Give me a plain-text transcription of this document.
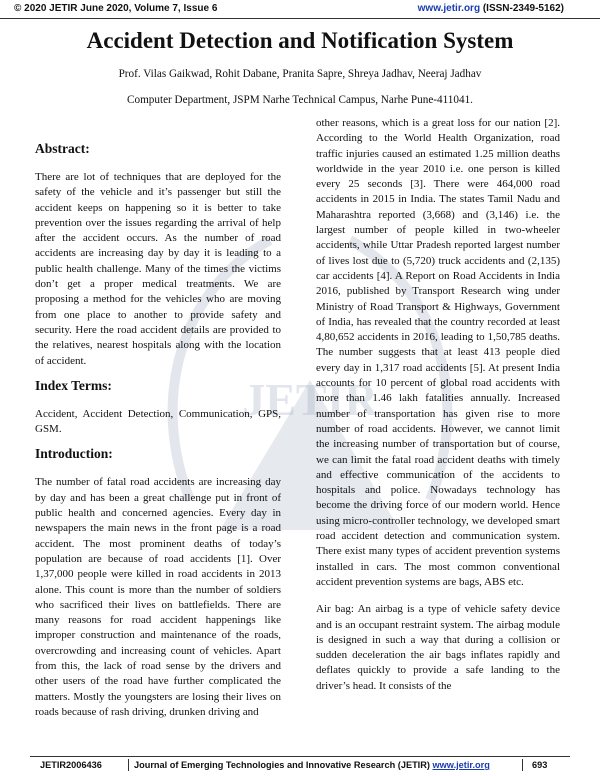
© 2020 JETIR June 2020, Volume 7, Issue 6	www.jetir.org (ISSN-2349-5162)
JETIR
Accident Detection and Notification System
Prof. Vilas Gaikwad, Rohit Dabane, Pranita Sapre, Shreya Jadhav, Neeraj Jadhav
Computer Department, JSPM Narhe Technical Campus, Narhe Pune-411041.
Abstract:

There are lot of techniques that are deployed for the safety of the vehicle and it’s passenger but still the accident keeps on happening so it is better to take prevention over the issues regarding the arrival of help after the accident occurs. As the number of road accidents are increasing day by day it is leading to a public health challenge. Many of the times the victims don’t get a proper medical treatments. We are proposing a method for the vehicles who are moving from one place to another to provide safety and security. Here the road accident details are provided to the relatives, nearest hospitals along with the location of accident.

Index Terms:

Accident, Accident Detection, Communication, GPS, GSM.

Introduction:

The number of fatal road accidents are increasing day by day and has been a great challenge put in front of public health and concerned agencies. Every day in newspapers the main news in the front page is a road accident. The most prominent deaths of today’s population are because of road accidents [1]. Over 1,37,000 people were killed in road accidents in 2013 alone. This count is more than the number of soldiers who sacrificed their lives on battlefields. There are many reasons for road accident happenings like improper construction and maintenance of the roads, overcrowding and increasing count of vehicles. Apart from this, the lack of road sense by the drivers and other users of the road have further complicated the matters. Mostly the youngsters are losing their lives on roads because of rash driving, drunken driving and

other reasons, which is a great loss for our nation [2]. According to the World Health Organization, road traffic injuries caused an estimated 1.25 million deaths worldwide in the year 2010 i.e. one person is killed every 25 seconds [3]. There were 464,000 road accidents in 2015 in India. The states Tamil Nadu and Maharashtra reported (3,668) and (3,146) i.e. the largest number of people killed in two-wheeler accidents, while Uttar Pradesh reported largest number of lives lost due to (5,720) truck accidents and (2,135) car accidents [4]. A Report on Road Accidents in India 2016, published by Transport Research wing under Ministry of Road Transport & Highways, Government of India, has revealed that the country recorded at least 4,80,652 accidents in 2016, leading to 1,50,785 deaths. The number suggests that at least 413 people died every day in 1,317 road accidents [5]. At present India accounts for 10 percent of global road accidents with more than 1.46 lakh fatalities annually. Increased number of transportation has given rise to more number of road accidents. However, we cannot limit the increasing number of transportation but of course, we can limit the fatal road accident deaths with timely and effective communication of the accidents to hospitals and police. Nowadays technology has become the driving force of our modern world. Hence using micro-controller technology, we developed smart road accident detection and communication system. There exist many types of accident prevention systems installed in cars. The most common conventional accident prevention systems are bags, ABS etc.

Air bag: An airbag is a type of vehicle safety device and is an occupant restraint system. The airbag module is designed in such a way that during a collision or sudden deceleration the air bags inflates rapidly and deflates quickly to provide a safe landing to the driver’s head. It consists of the

JETIR2006436	Journal of Emerging Technologies and Innovative Research (JETIR) www.jetir.org	693
